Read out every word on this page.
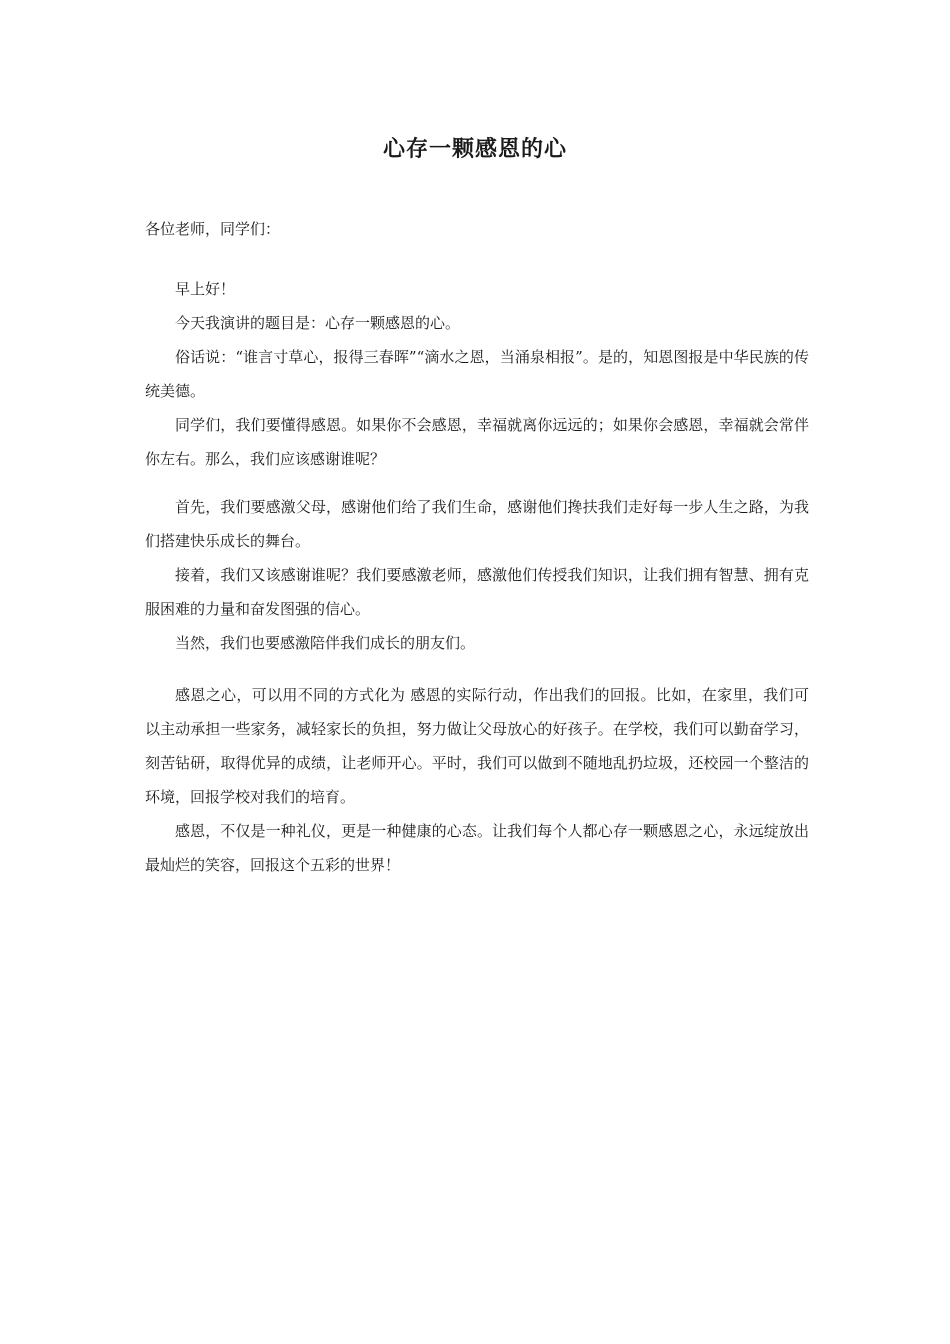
心存一颗感恩的心
各位老师，同学们：

早上好！

今天我演讲的题目是：心存一颗感恩的心。

俗话说：“谁言寸草心，报得三春晖”“滴水之恩，当涌泉相报”。是的，知恩图报是中华民族的传统美德。

同学们，我们要懂得感恩。如果你不会感恩，幸福就离你远远的；如果你会感恩，幸福就会常伴你左右。那么，我们应该感谢谁呢？

首先，我们要感激父母，感谢他们给了我们生命，感谢他们搀扶我们走好每一步人生之路，为我们搭建快乐成长的舞台。

接着，我们又该感谢谁呢？我们要感激老师，感激他们传授我们知识，让我们拥有智慧、拥有克服困难的力量和奋发图强的信心。

当然，我们也要感激陪伴我们成长的朋友们。

感恩之心，可以用不同的方式化为 感恩的实际行动，作出我们的回报。比如，在家里，我们可以主动承担一些家务，减轻家长的负担，努力做让父母放心的好孩子。在学校，我们可以勤奋学习，刻苦钻研，取得优异的成绩，让老师开心。平时，我们可以做到不随地乱扔垃圾，还校园一个整洁的环境，回报学校对我们的培育。

感恩，不仅是一种礼仪，更是一种健康的心态。让我们每个人都心存一颗感恩之心，永远绽放出最灿烂的笑容，回报这个五彩的世界！
